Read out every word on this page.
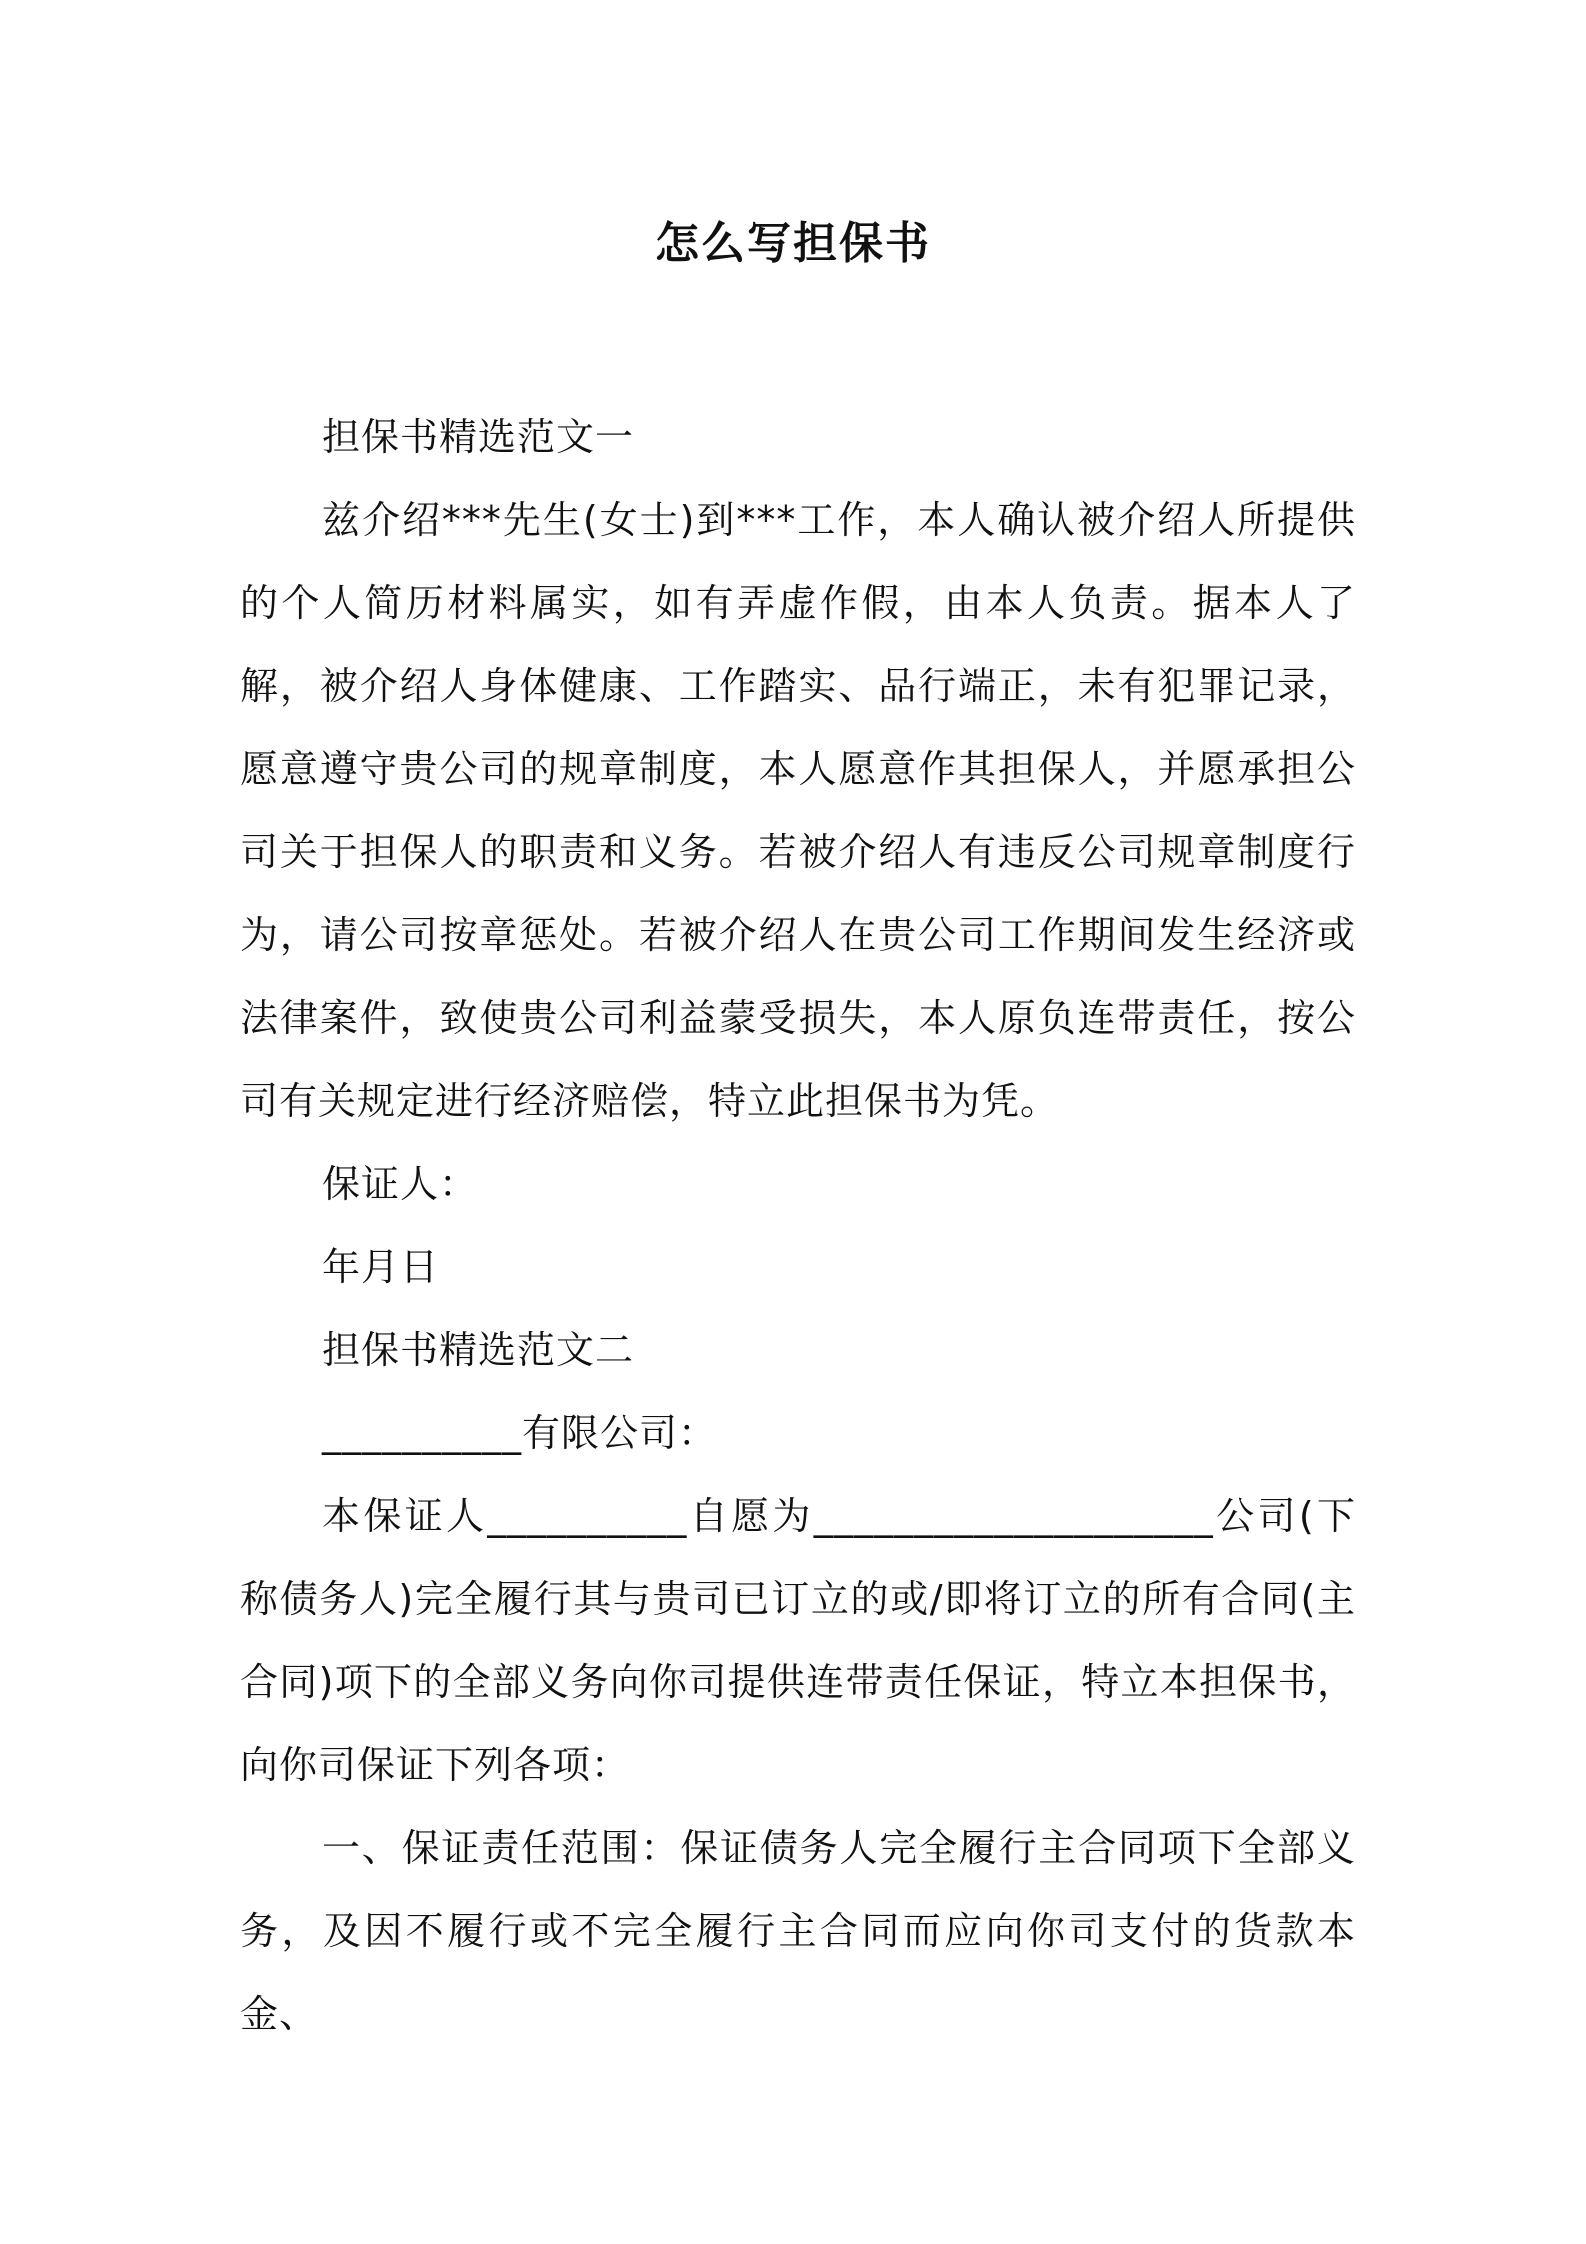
怎么写担保书

担保书精选范文一

兹介绍***先生(女士)到***工作，本人确认被介绍人所提供的个人简历材料属实，如有弄虚作假，由本人负责。据本人了解，被介绍人身体健康、工作踏实、品行端正，未有犯罪记录，愿意遵守贵公司的规章制度，本人愿意作其担保人，并愿承担公司关于担保人的职责和义务。若被介绍人有违反公司规章制度行为，请公司按章惩处。若被介绍人在贵公司工作期间发生经济或法律案件，致使贵公司利益蒙受损失，本人原负连带责任，按公司有关规定进行经济赔偿，特立此担保书为凭。

保证人：

年月日

担保书精选范文二

__________有限公司：

本保证人__________自愿为____________________公司(下称债务人)完全履行其与贵司已订立的或/即将订立的所有合同(主合同)项下的全部义务向你司提供连带责任保证，特立本担保书，向你司保证下列各项：

一、保证责任范围：保证债务人完全履行主合同项下全部义务，及因不履行或不完全履行主合同而应向你司支付的货款本金、
